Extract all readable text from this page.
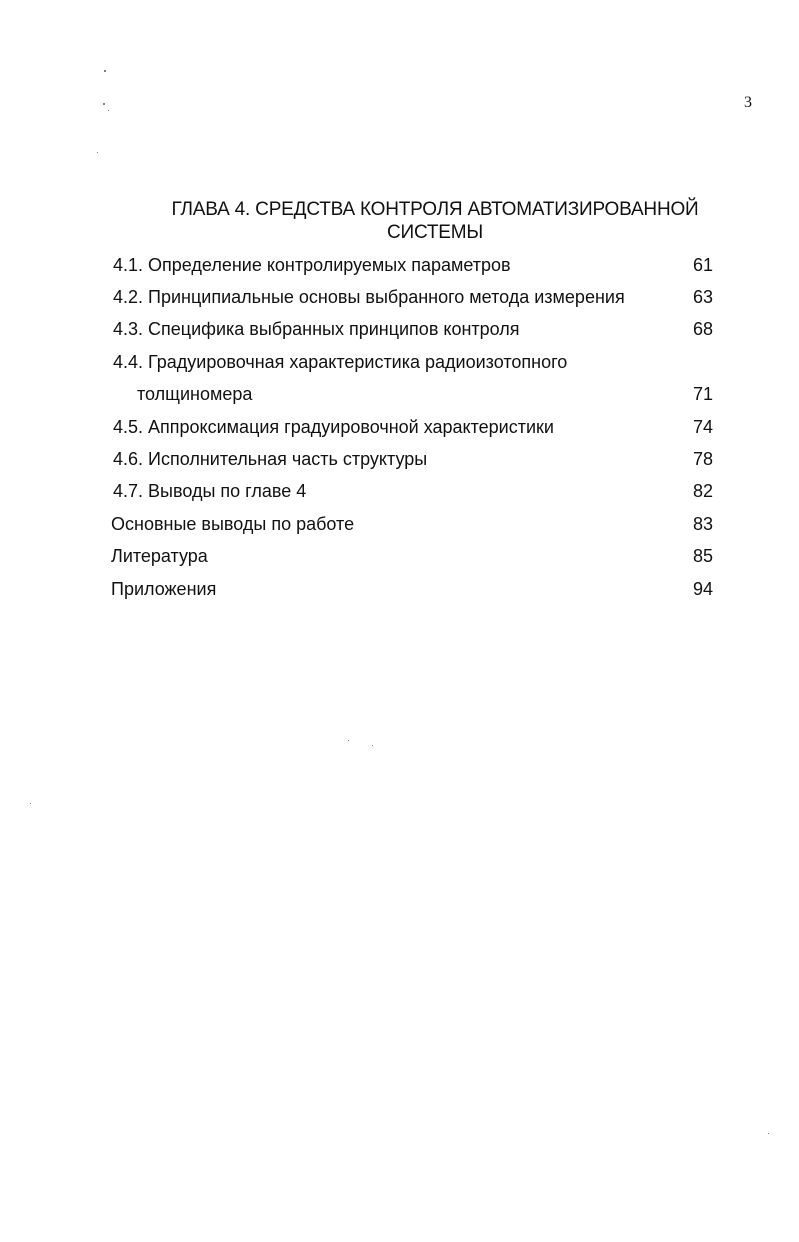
3
ГЛАВА 4. СРЕДСТВА КОНТРОЛЯ АВТОМАТИЗИРОВАННОЙ
СИСТЕМЫ
4.1. Определение контролируемых параметров	61
4.2. Принципиальные основы выбранного метода измерения	63
4.3. Специфика выбранных принципов контроля	68
4.4. Градуировочная характеристика радиоизотопного
толщиномера	71
4.5. Аппроксимация градуировочной характеристики	74
4.6. Исполнительная часть структуры	78
4.7. Выводы по главе 4	82
Основные выводы по работе	83
Литература	85
Приложения	94
